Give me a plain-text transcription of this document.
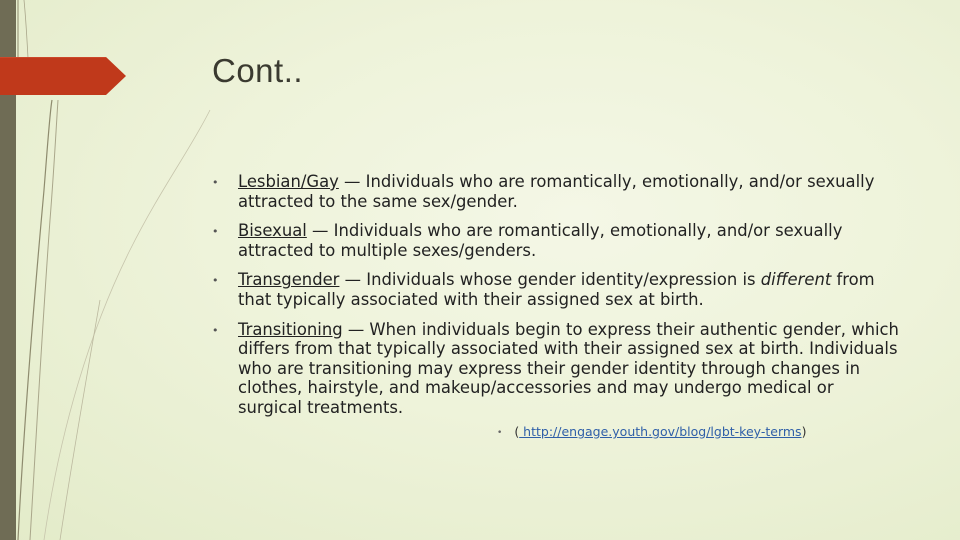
Cont..
• Lesbian/Gay — Individuals who are romantically, emotionally, and/or sexually attracted to the same sex/gender.
• Bisexual — Individuals who are romantically, emotionally, and/or sexually attracted to multiple sexes/genders.
• Transgender — Individuals whose gender identity/expression is different from that typically associated with their assigned sex at birth.
• Transitioning — When individuals begin to express their authentic gender, which differs from that typically associated with their assigned sex at birth. Individuals who are transitioning may express their gender identity through changes in clothes, hairstyle, and makeup/accessories and may undergo medical or surgical treatments.
• ( http://engage.youth.gov/blog/lgbt-key-terms)
